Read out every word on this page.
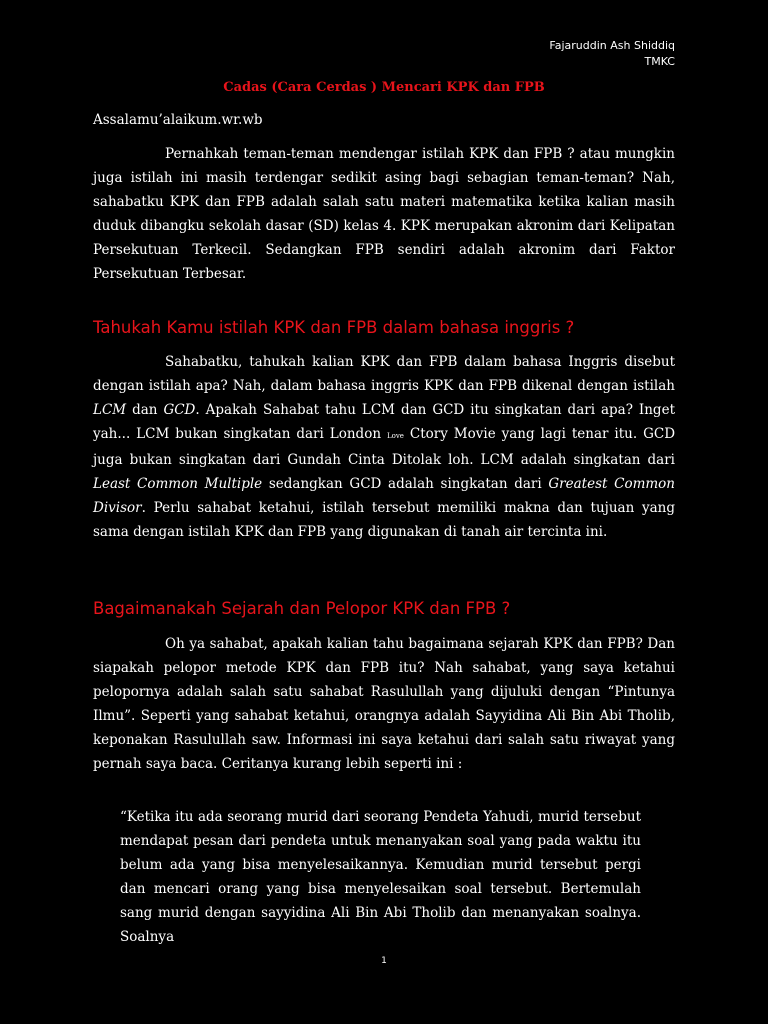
Fajaruddin Ash Shiddiq
TMKC
Cadas (Cara Cerdas ) Mencari KPK dan FPB
Assalamu’alaikum.wr.wb
Pernahkah teman-teman mendengar istilah KPK dan FPB ? atau mungkin juga istilah ini masih terdengar sedikit asing bagi sebagian teman-teman? Nah, sahabatku KPK dan FPB adalah salah satu materi matematika ketika kalian masih duduk dibangku sekolah dasar (SD) kelas 4. KPK merupakan akronim dari Kelipatan Persekutuan Terkecil. Sedangkan FPB sendiri adalah akronim dari Faktor Persekutuan Terbesar.
Tahukah Kamu istilah KPK dan FPB dalam bahasa inggris ?
Sahabatku, tahukah kalian KPK dan FPB dalam bahasa Inggris disebut dengan istilah apa? Nah, dalam bahasa inggris KPK dan FPB dikenal dengan istilah LCM dan GCD. Apakah Sahabat tahu LCM dan GCD itu singkatan dari apa? Inget yah... LCM bukan singkatan dari London Love Ctory Movie yang lagi tenar itu. GCD juga bukan singkatan dari Gundah Cinta Ditolak loh. LCM adalah singkatan dari Least Common Multiple sedangkan GCD adalah singkatan dari Greatest Common Divisor. Perlu sahabat ketahui, istilah tersebut memiliki makna dan tujuan yang sama dengan istilah KPK dan FPB yang digunakan di tanah air tercinta ini.
Bagaimanakah Sejarah dan Pelopor KPK dan FPB ?
Oh ya sahabat, apakah kalian tahu bagaimana sejarah KPK dan FPB? Dan siapakah pelopor metode KPK dan FPB itu? Nah sahabat, yang saya ketahui pelopornya adalah salah satu sahabat Rasulullah yang dijuluki dengan “Pintunya Ilmu”. Seperti yang sahabat ketahui, orangnya adalah Sayyidina Ali Bin Abi Tholib, keponakan Rasulullah saw. Informasi ini saya ketahui dari salah satu riwayat yang pernah saya baca. Ceritanya kurang lebih seperti ini :
“Ketika itu ada seorang murid dari seorang Pendeta Yahudi, murid tersebut mendapat pesan dari pendeta untuk menanyakan soal yang pada waktu itu belum ada yang bisa menyelesaikannya. Kemudian murid tersebut pergi dan mencari orang yang bisa menyelesaikan soal tersebut. Bertemulah sang murid dengan sayyidina Ali Bin Abi Tholib dan menanyakan soalnya. Soalnya
1
